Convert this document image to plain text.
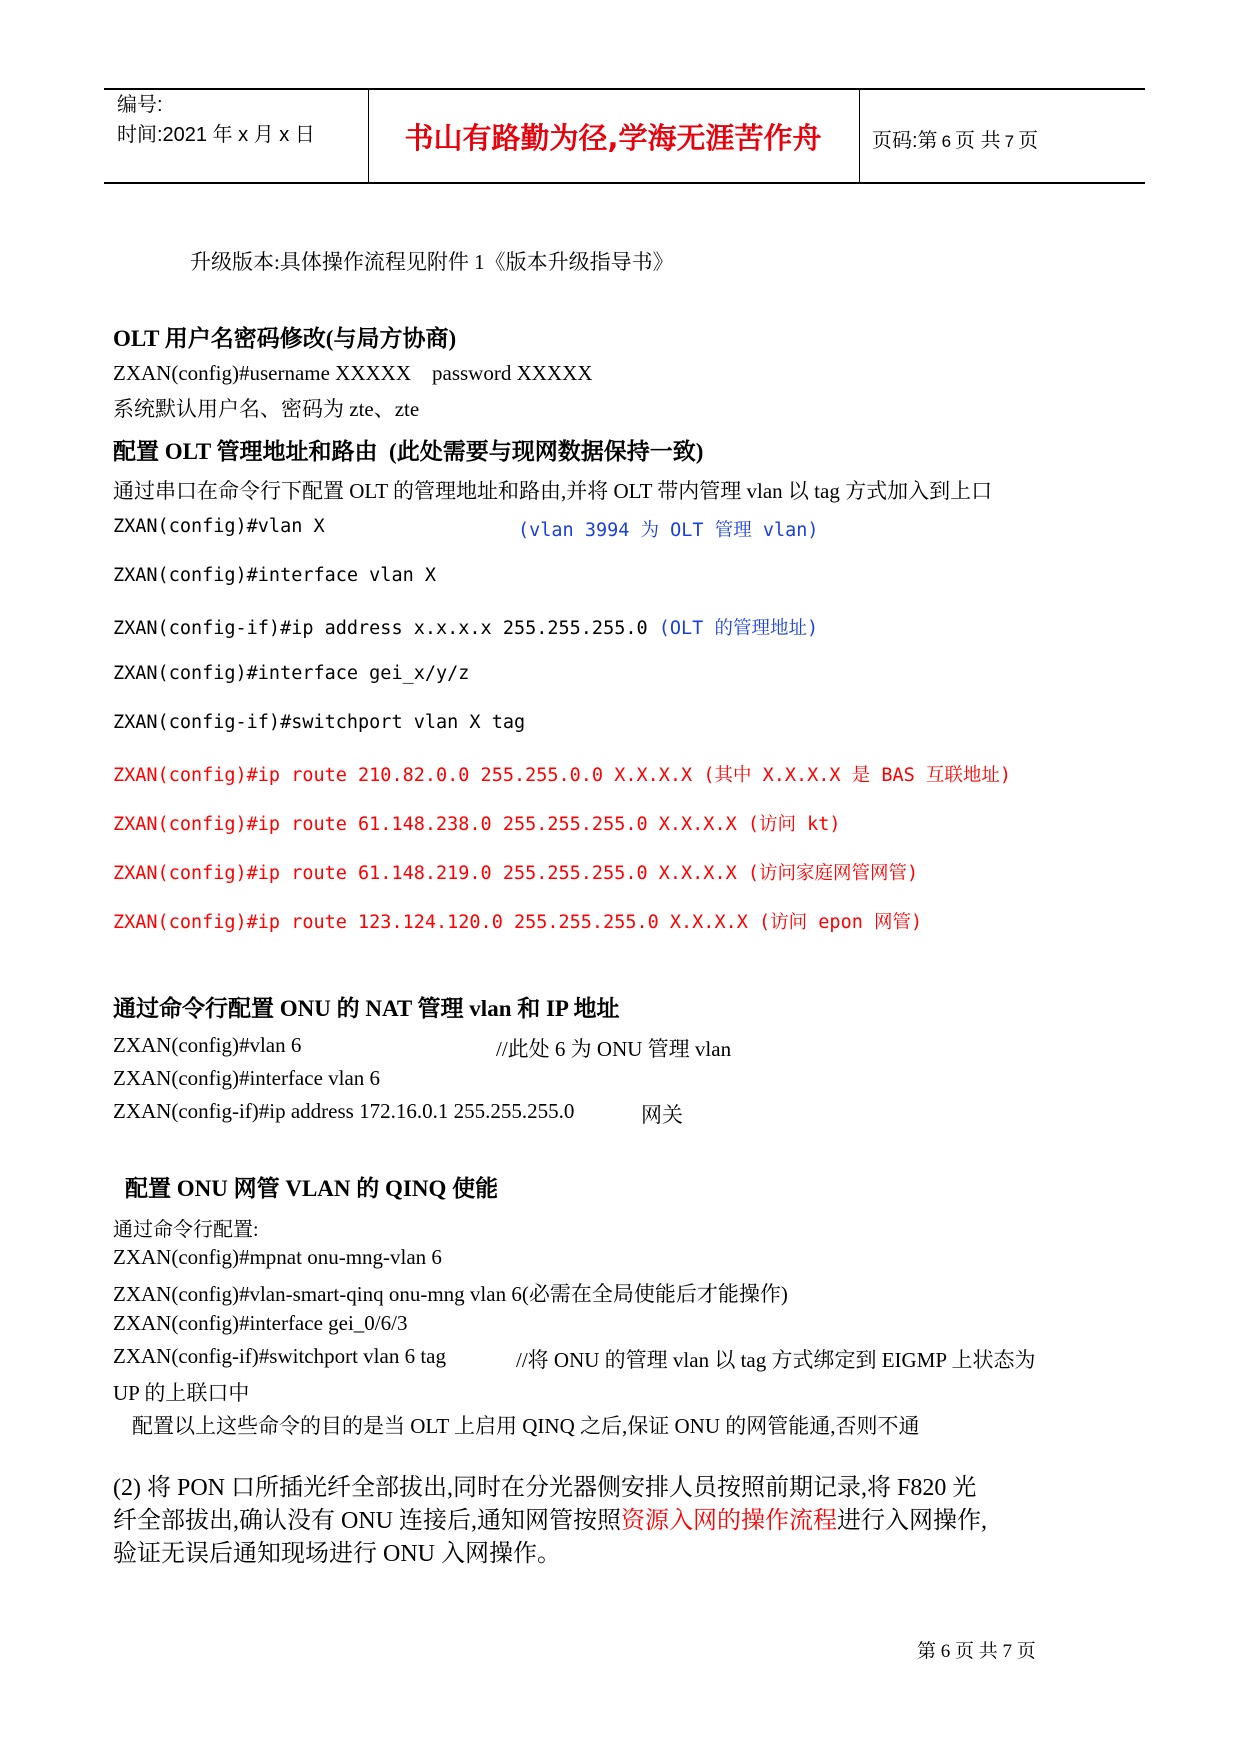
编号:
时间:2021 年 x 月 x 日	书山有路勤为径,学海无涯苦作舟	页码:第 6 页 共 7 页
升级版本:具体操作流程见附件 1《版本升级指导书》
OLT 用户名密码修改(与局方协商)
ZXAN(config)#username XXXXX    password XXXXX
系统默认用户名、密码为 zte、zte
配置 OLT 管理地址和路由  (此处需要与现网数据保持一致)
通过串口在命令行下配置 OLT 的管理地址和路由,并将 OLT 带内管理 vlan 以 tag 方式加入到上口
ZXAN(config)#vlan X	(vlan 3994 为 OLT 管理 vlan)
ZXAN(config)#interface vlan X
ZXAN(config-if)#ip address x.x.x.x 255.255.255.0 (OLT 的管理地址)
ZXAN(config)#interface gei_x/y/z
ZXAN(config-if)#switchport vlan X tag
ZXAN(config)#ip route 210.82.0.0 255.255.0.0 X.X.X.X (其中 X.X.X.X 是 BAS 互联地址)
ZXAN(config)#ip route 61.148.238.0 255.255.255.0 X.X.X.X (访问 kt)
ZXAN(config)#ip route 61.148.219.0 255.255.255.0 X.X.X.X (访问家庭网管网管)
ZXAN(config)#ip route 123.124.120.0 255.255.255.0 X.X.X.X (访问 epon 网管)
通过命令行配置 ONU 的 NAT 管理 vlan 和 IP 地址
ZXAN(config)#vlan 6	//此处 6 为 ONU 管理 vlan
ZXAN(config)#interface vlan 6
ZXAN(config-if)#ip address 172.16.0.1 255.255.255.0	网关
配置 ONU 网管 VLAN 的 QINQ 使能
通过命令行配置:
ZXAN(config)#mpnat onu-mng-vlan 6
ZXAN(config)#vlan-smart-qinq onu-mng vlan 6(必需在全局使能后才能操作)
ZXAN(config)#interface gei_0/6/3
ZXAN(config-if)#switchport vlan 6 tag	//将 ONU 的管理 vlan 以 tag 方式绑定到 EIGMP 上状态为
UP 的上联口中
配置以上这些命令的目的是当 OLT 上启用 QINQ 之后,保证 ONU 的网管能通,否则不通
(2) 将 PON 口所插光纤全部拔出,同时在分光器侧安排人员按照前期记录,将 F820 光
纤全部拔出,确认没有 ONU 连接后,通知网管按照资源入网的操作流程进行入网操作,
验证无误后通知现场进行 ONU 入网操作。
第 6 页 共 7 页
